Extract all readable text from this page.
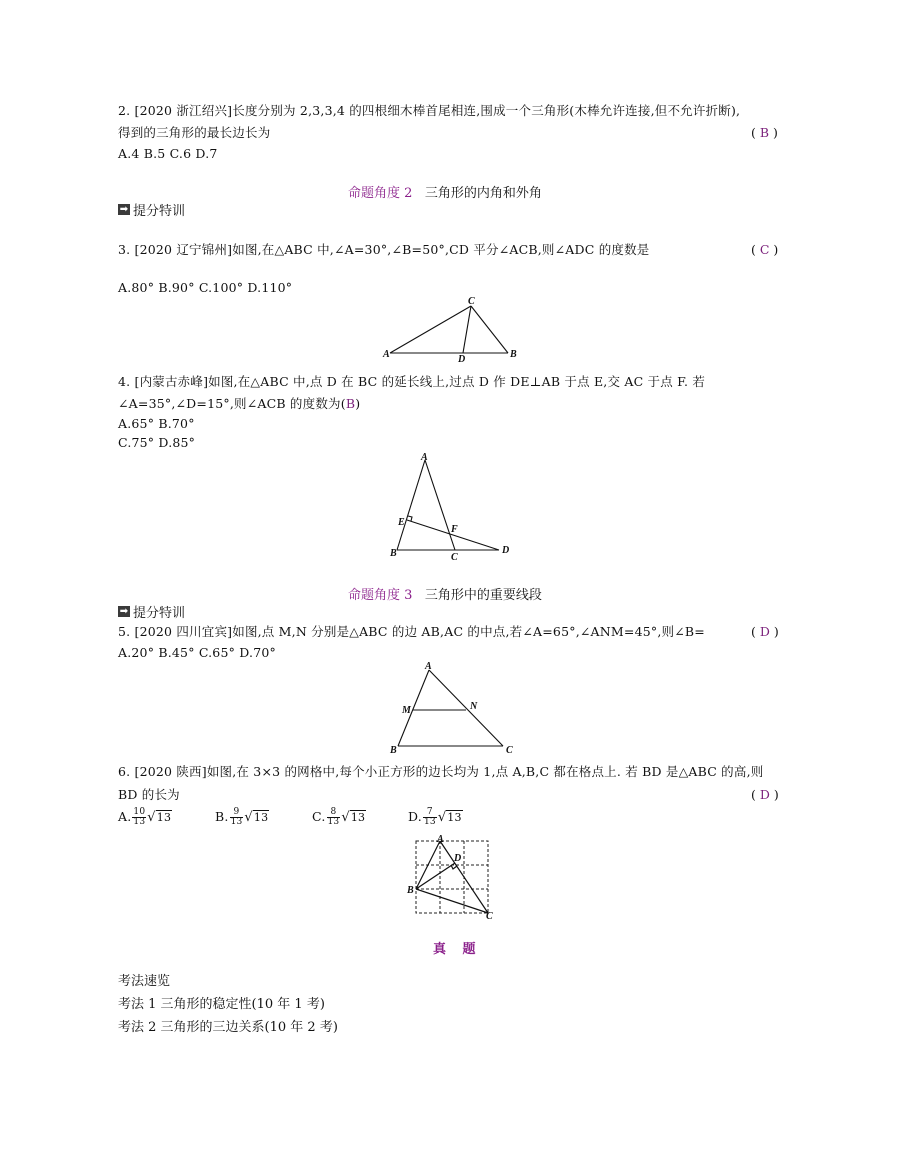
2. [2020 浙江绍兴]长度分别为 2,3,3,4 的四根细木棒首尾相连,围成一个三角形(木棒允许连接,但不允许折断),
得到的三角形的最长边长为	( B )
A.4 B.5 C.6 D.7
命题角度 2 三角形的内角和外角
➡ 提分特训
3. [2020 辽宁锦州]如图,在△ABC 中,∠A=30°,∠B=50°,CD 平分∠ACB,则∠ADC 的度数是	( C )
A.80° B.90° C.100° D.110°
A	B
C
D
4. [内蒙古赤峰]如图,在△ABC 中,点 D 在 BC 的延长线上,过点 D 作 DE⊥AB 于点 E,交 AC 于点 F. 若
∠A=35°,∠D=15°,则∠ACB 的度数为(B)
A.65° B.70°
C.75° D.85°
A
B	C
D
E
F
命题角度 3 三角形中的重要线段
➡ 提分特训
5. [2020 四川宜宾]如图,点 M,N 分别是△ABC 的边 AB,AC 的中点,若∠A=65°,∠ANM=45°,则∠B=	( D )
A.20° B.45° C.65° D.70°
A
B	C
M	N
6. [2020 陕西]如图,在 3×3 的网格中,每个小正方形的边长均为 1,点 A,B,C 都在格点上. 若 BD 是△ABC 的高,则
BD 的长为	( D )
A. $\frac{10}{13} √13$	B. $\frac{9}{13} √13$	C. $\frac{8}{13} √13$	D. $\frac{7}{13} √13$
A
B
C
D
真 题
考法速览
考法 1 三角形的稳定性(10 年 1 考)
考法 2 三角形的三边关系(10 年 2 考)
